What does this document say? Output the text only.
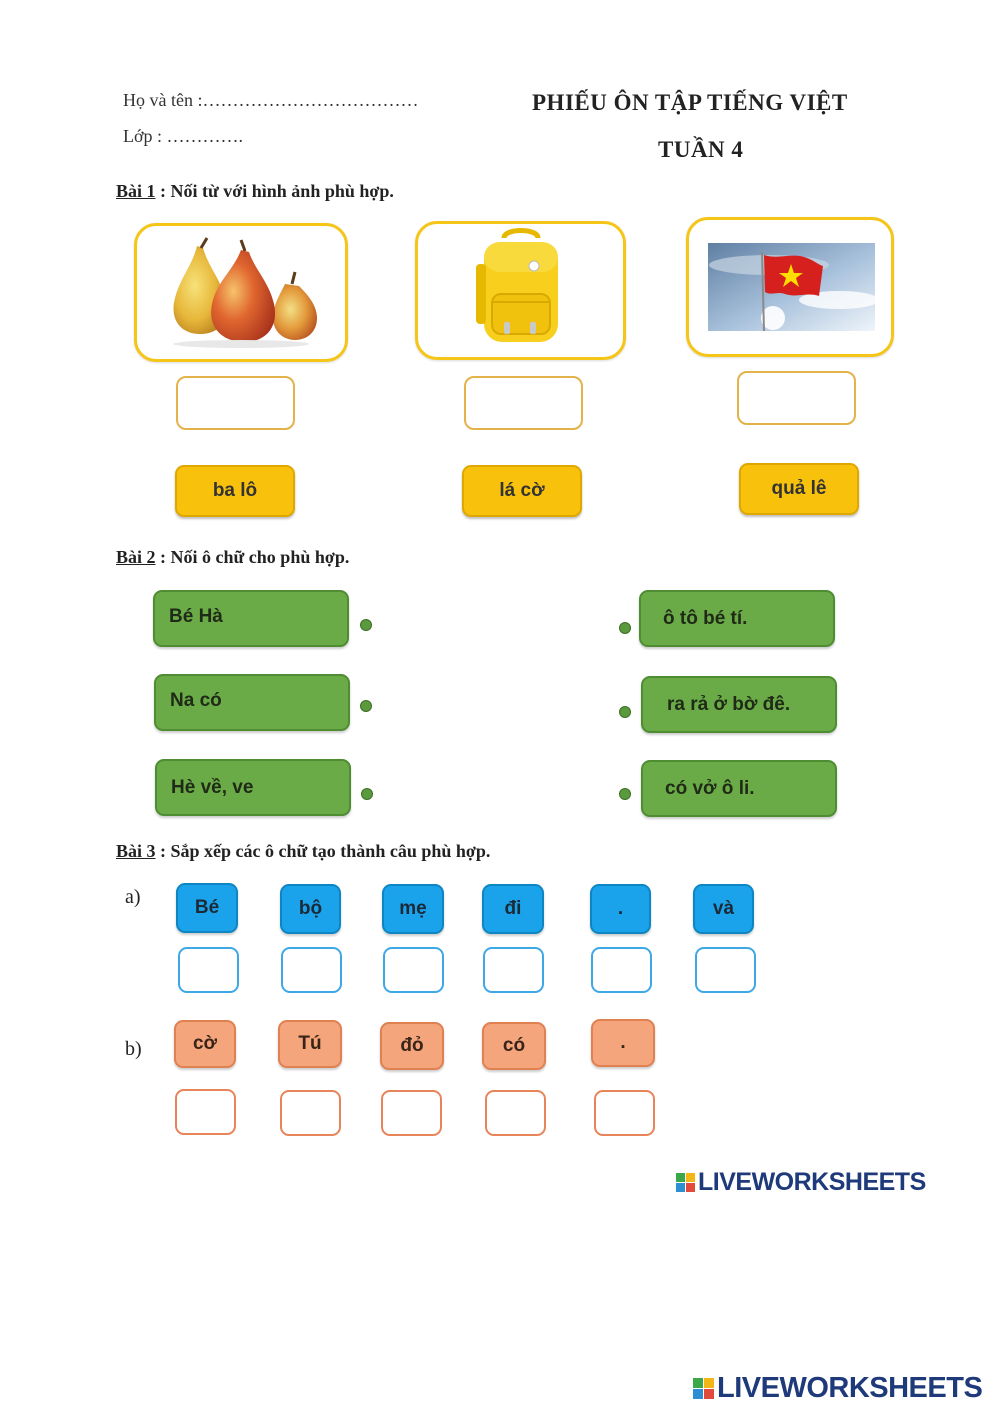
Họ và tên :………………………………
Lớp : ………….
PHIẾU ÔN TẬP TIẾNG VIỆT
TUẦN 4
Bài 1 : Nối từ với hình ảnh phù hợp.
ba lô	lá cờ	quả lê
Bài 2 : Nối ô chữ cho phù hợp.
Bé Hà
Na có
Hè về, ve
ô tô bé tí.
ra rả ở bờ đê.
có vở ô li.
Bài 3 : Sắp xếp các ô chữ tạo thành câu phù hợp.
a)	Bé	bộ	mẹ	đi	.	và
b)	cờ	Tú	đỏ	có	.
LIVEWORKSHEETS
LIVEWORKSHEETS
